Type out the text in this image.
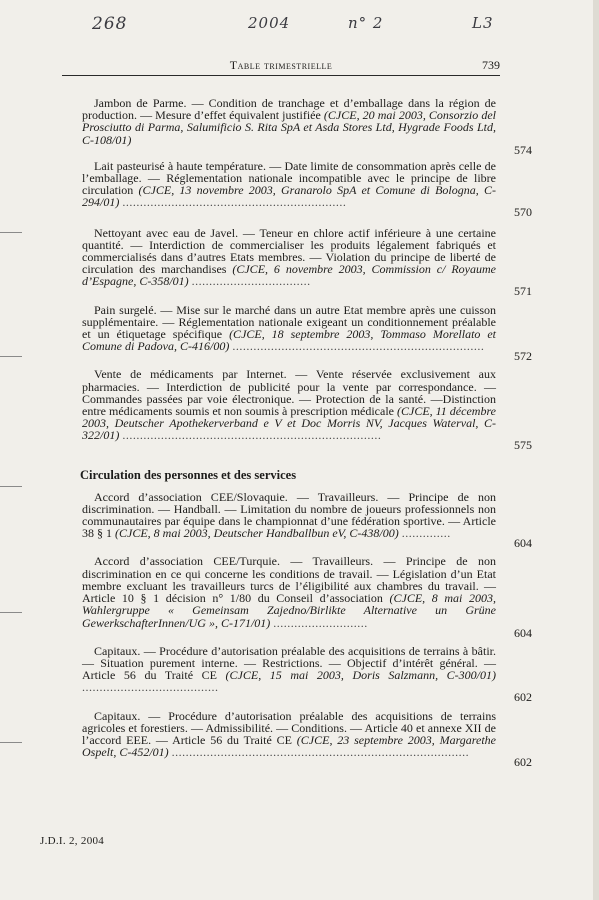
268	2004	n° 2	L3
Table trimestrielle	739
Jambon de Parme. — Condition de tranchage et d’emballage dans la région de production. — Mesure d’effet équivalent justifiée (CJCE, 20 mai 2003, Consorzio del Prosciutto di Parma, Salumificio S. Rita SpA et Asda Stores Ltd, Hygrade Foods Ltd, C-108/01)
574
Lait pasteurisé à haute température. — Date limite de consommation après celle de l’emballage. — Réglementation nationale incompatible avec le principe de libre circulation (CJCE, 13 novembre 2003, Granarolo SpA et Comune di Bologna, C-294/01) ................................................................
570
Nettoyant avec eau de Javel. — Teneur en chlore actif inférieure à une certaine quantité. — Interdiction de commercialiser les produits légalement fabriqués et commercialisés dans d’autres Etats membres. — Violation du principe de liberté de circulation des marchandises (CJCE, 6 novembre 2003, Commission c/ Royaume d’Espagne, C-358/01) ..................................
571
Pain surgelé. — Mise sur le marché dans un autre Etat membre après une cuisson supplémentaire. — Réglementation nationale exigeant un conditionnement préalable et un étiquetage spécifique (CJCE, 18 septembre 2003, Tommaso Morellato et Comune di Padova, C-416/00) ........................................................................
572
Vente de médicaments par Internet. — Vente réservée exclusivement aux pharmacies. — Interdiction de publicité pour la vente par correspondance. — Commandes passées par voie électronique. — Protection de la santé. —Distinction entre médicaments soumis et non soumis à prescription médicale (CJCE, 11 décembre 2003, Deutscher Apothekerverband e V et Doc Morris NV, Jacques Waterval, C-322/01) ..........................................................................
575
Circulation des personnes et des services
Accord d’association CEE/Slovaquie. — Travailleurs. — Principe de non discrimination. — Handball. — Limitation du nombre de joueurs professionnels non communautaires par équipe dans le championnat d’une fédération sportive. — Article 38 § 1 (CJCE, 8 mai 2003, Deutscher Handballbun eV, C-438/00) ..............
604
Accord d’association CEE/Turquie. — Travailleurs. — Principe de non discrimination en ce qui concerne les conditions de travail. — Législation d’un Etat membre excluant les travailleurs turcs de l’éligibilité aux chambres du travail. — Article 10 § 1 décision n° 1/80 du Conseil d’association (CJCE, 8 mai 2003, Wahlergruppe « Gemeinsam Zajedno/Birlikte Alternative un Grüne GewerkschafterInnen/UG », C-171/01) ...........................
604
Capitaux. — Procédure d’autorisation préalable des acquisitions de terrains à bâtir. — Situation purement interne. — Restrictions. — Objectif d’intérêt général. — Article 56 du Traité CE (CJCE, 15 mai 2003, Doris Salzmann, C-300/01) .......................................
602
Capitaux. — Procédure d’autorisation préalable des acquisitions de terrains agricoles et forestiers. — Admissibilité. — Conditions. — Article 40 et annexe XII de l’accord EEE. — Article 56 du Traité CE (CJCE, 23 septembre 2003, Margarethe Ospelt, C-452/01) .....................................................................................
602
J.D.I. 2, 2004
